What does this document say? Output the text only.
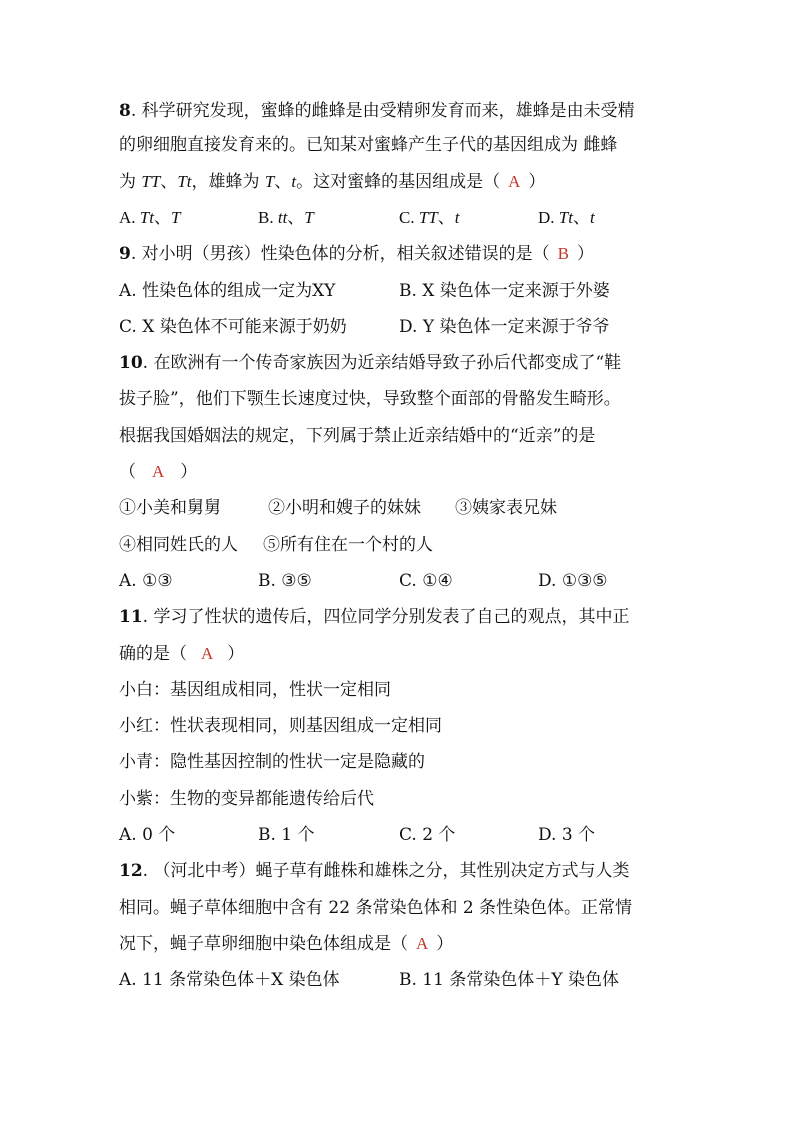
8. 科学研究发现，蜜蜂的雌蜂是由受精卵发育而来，雄蜂是由未受精
的卵细胞直接发育来的。已知某对蜜蜂产生子代的基因组成为 雌蜂
为 TT、Tt，雄蜂为 T、t。这对蜜蜂的基因组成是（ A ）
A. Tt、T	B. tt、T	C. TT、t	D. Tt、t
9. 对小明（男孩）性染色体的分析，相关叙述错误的是（ B ）
A. 性染色体的组成一定为XY	B. X 染色体一定来源于外婆
C. X 染色体不可能来源于奶奶	D. Y 染色体一定来源于爷爷
10. 在欧洲有一个传奇家族因为近亲结婚导致子孙后代都变成了“鞋
拔子脸”，他们下颚生长速度过快，导致整个面部的骨骼发生畸形。
根据我国婚姻法的规定，下列属于禁止近亲结婚中的“近亲”的是
（ A ）
①小美和舅舅	②小明和嫂子的妹妹 ③姨家表兄妹
④相同姓氏的人 ⑤所有住在一个村的人
A. ①③	B. ③⑤	C. ①④	D. ①③⑤
11. 学习了性状的遗传后，四位同学分别发表了自己的观点，其中正
确的是（ A ）
小白：基因组成相同，性状一定相同
小红：性状表现相同，则基因组成一定相同
小青：隐性基因控制的性状一定是隐藏的
小紫：生物的变异都能遗传给后代
A. 0 个	B. 1 个	C. 2 个	D. 3 个
12. （河北中考）蝇子草有雌株和雄株之分，其性别决定方式与人类
相同。蝇子草体细胞中含有 22 条常染色体和 2 条性染色体。正常情
况下，蝇子草卵细胞中染色体组成是（ A ）
A. 11 条常染色体＋X 染色体	B. 11 条常染色体＋Y 染色体
